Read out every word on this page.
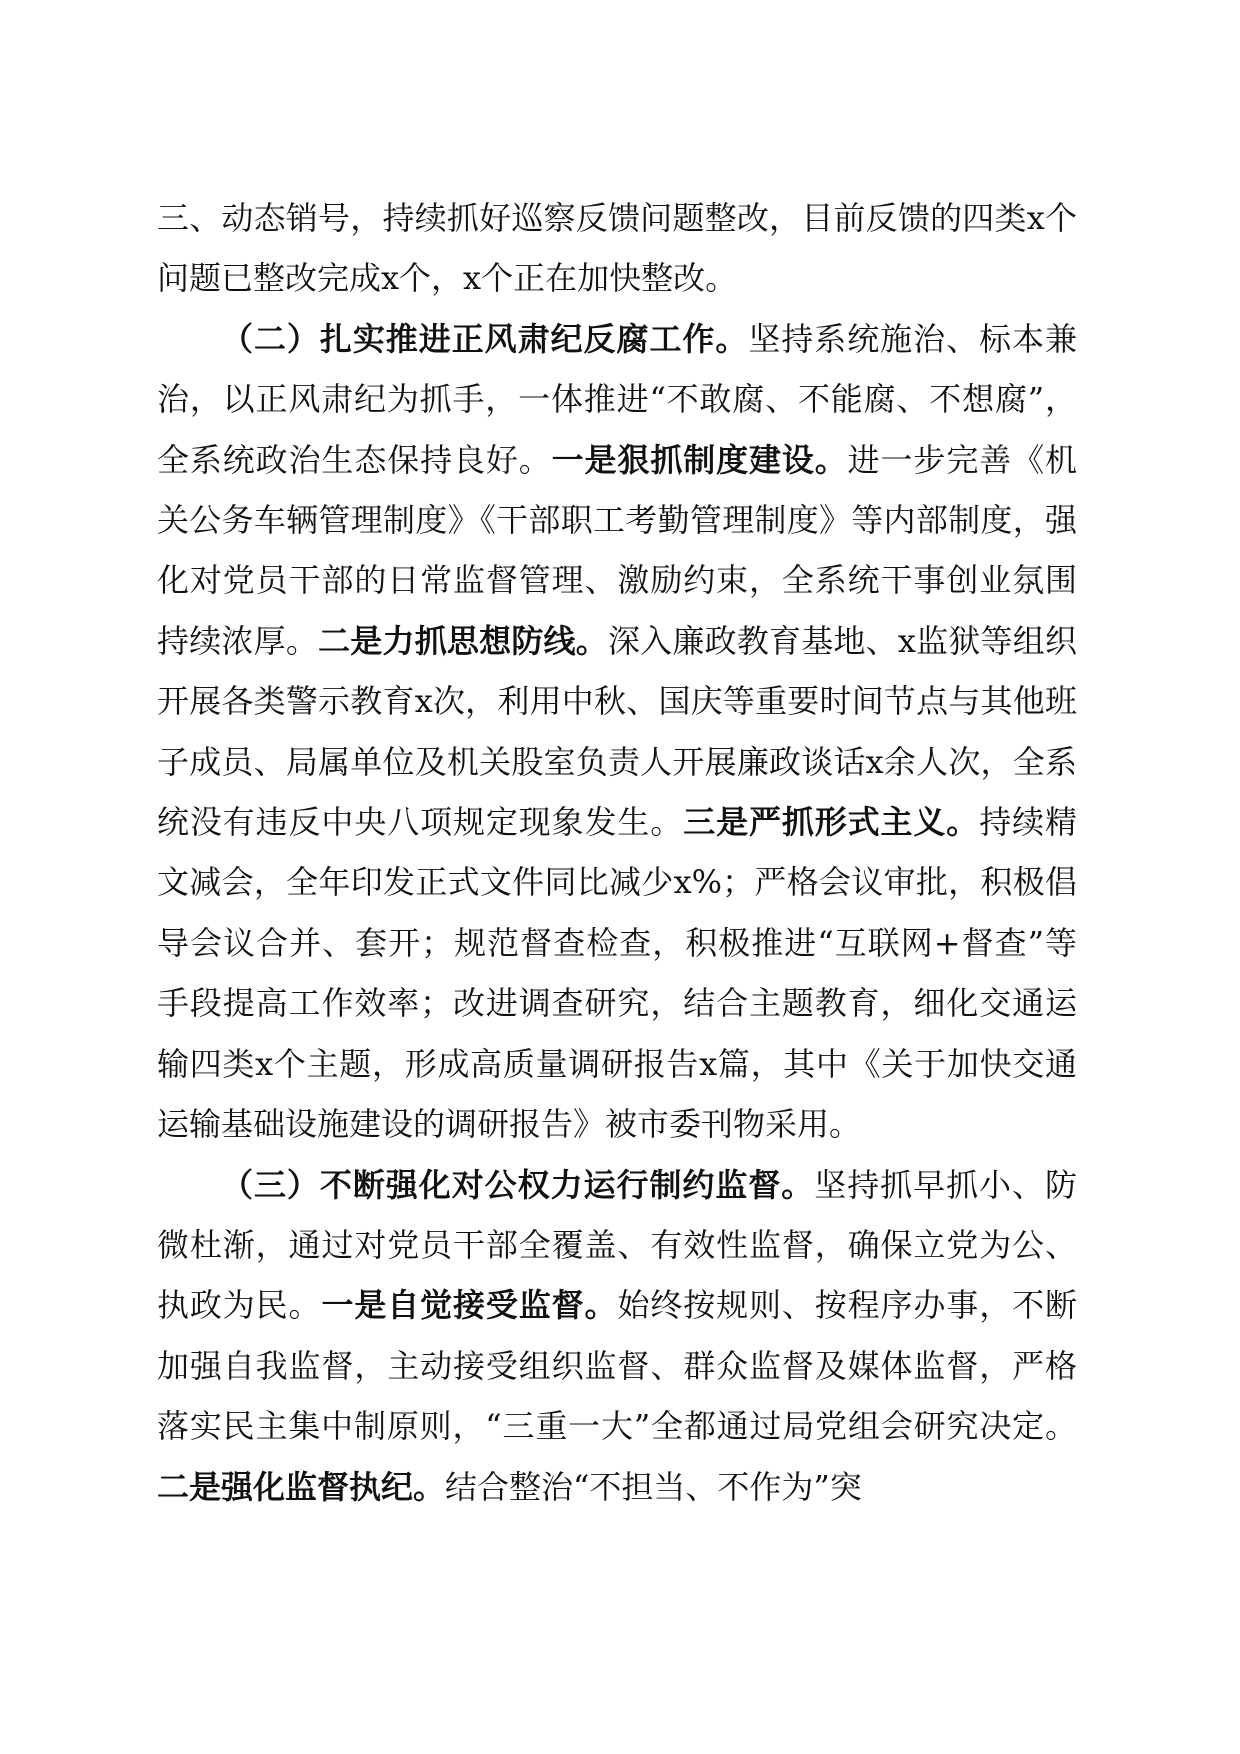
三、动态销号，持续抓好巡察反馈问题整改，目前反馈的四类x个问题已整改完成x个，x个正在加快整改。

（二）扎实推进正风肃纪反腐工作。坚持系统施治、标本兼治，以正风肃纪为抓手，一体推进“不敢腐、不能腐、不想腐”，全系统政治生态保持良好。一是狠抓制度建设。进一步完善《机关公务车辆管理制度》《干部职工考勤管理制度》等内部制度，强化对党员干部的日常监督管理、激励约束，全系统干事创业氛围持续浓厚。二是力抓思想防线。深入廉政教育基地、x监狱等组织开展各类警示教育x次，利用中秋、国庆等重要时间节点与其他班子成员、局属单位及机关股室负责人开展廉政谈话x余人次，全系统没有违反中央八项规定现象发生。三是严抓形式主义。持续精文减会，全年印发正式文件同比减少x%；严格会议审批，积极倡导会议合并、套开；规范督查检查，积极推进“互联网+督查”等手段提高工作效率；改进调查研究，结合主题教育，细化交通运输四类x个主题，形成高质量调研报告x篇，其中《关于加快交通运输基础设施建设的调研报告》被市委刊物采用。

（三）不断强化对公权力运行制约监督。坚持抓早抓小、防微杜渐，通过对党员干部全覆盖、有效性监督，确保立党为公、执政为民。一是自觉接受监督。始终按规则、按程序办事，不断加强自我监督，主动接受组织监督、群众监督及媒体监督，严格落实民主集中制原则，“三重一大”全都通过局党组会研究决定。二是强化监督执纪。结合整治“不担当、不作为”突
